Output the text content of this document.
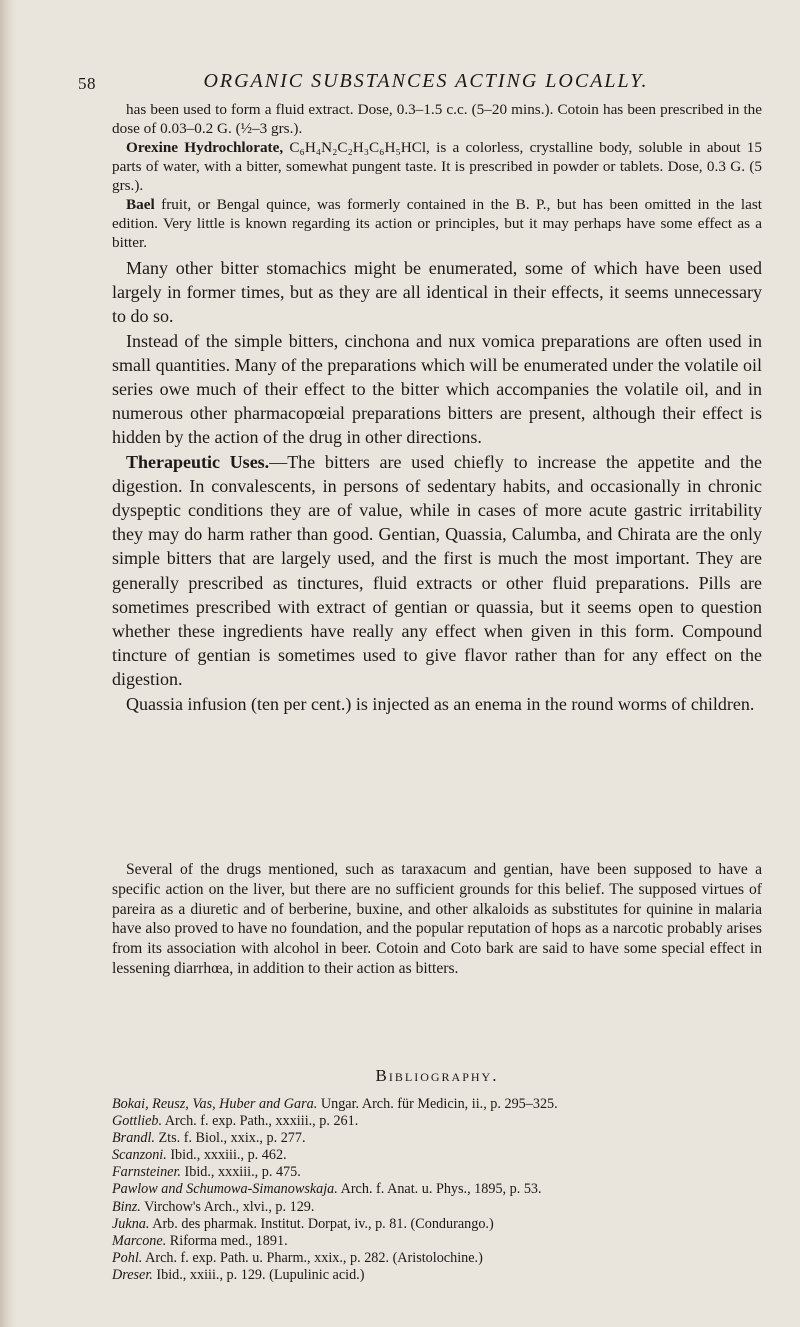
58	ORGANIC SUBSTANCES ACTING LOCALLY.

has been used to form a fluid extract. Dose, 0.3–1.5 c.c. (5–20 mins.). Cotoin has been prescribed in the dose of 0.03–0.2 G. (½–3 grs.).

Orexine Hydrochlorate, C₆H₄N₂C₂H₃C₆H₅HCl, is a colorless, crystalline body, soluble in about 15 parts of water, with a bitter, somewhat pungent taste. It is prescribed in powder or tablets. Dose, 0.3 G. (5 grs.).

Bael fruit, or Bengal quince, was formerly contained in the B. P., but has been omitted in the last edition. Very little is known regarding its action or principles, but it may perhaps have some effect as a bitter.

Many other bitter stomachics might be enumerated, some of which have been used largely in former times, but as they are all identical in their effects, it seems unnecessary to do so.

Instead of the simple bitters, cinchona and nux vomica preparations are often used in small quantities. Many of the preparations which will be enumerated under the volatile oil series owe much of their effect to the bitter which accompanies the volatile oil, and in numerous other pharmacopœial preparations bitters are present, although their effect is hidden by the action of the drug in other directions.

Therapeutic Uses.—The bitters are used chiefly to increase the appetite and the digestion. In convalescents, in persons of sedentary habits, and occasionally in chronic dyspeptic conditions they are of value, while in cases of more acute gastric irritability they may do harm rather than good. Gentian, Quassia, Calumba, and Chirata are the only simple bitters that are largely used, and the first is much the most important. They are generally prescribed as tinctures, fluid extracts or other fluid preparations. Pills are sometimes prescribed with extract of gentian or quassia, but it seems open to question whether these ingredients have really any effect when given in this form. Compound tincture of gentian is sometimes used to give flavor rather than for any effect on the digestion.

Quassia infusion (ten per cent.) is injected as an enema in the round worms of children.

Several of the drugs mentioned, such as taraxacum and gentian, have been supposed to have a specific action on the liver, but there are no sufficient grounds for this belief. The supposed virtues of pareira as a diuretic and of berberine, buxine, and other alkaloids as substitutes for quinine in malaria have also proved to have no foundation, and the popular reputation of hops as a narcotic probably arises from its association with alcohol in beer. Cotoin and Coto bark are said to have some special effect in lessening diarrhœa, in addition to their action as bitters.

Bibliography.
Bokai, Reusz, Vas, Huber and Gara. Ungar. Arch. für Medicin, ii., p. 295–325.
Gottlieb. Arch. f. exp. Path., xxxiii., p. 261.
Brandl. Zts. f. Biol., xxix., p. 277.
Scanzoni. Ibid., xxxiii., p. 462.
Farnsteiner. Ibid., xxxiii., p. 475.
Pawlow and Schumowa-Simanowskaja. Arch. f. Anat. u. Phys., 1895, p. 53.
Binz. Virchow's Arch., xlvi., p. 129.
Jukna. Arb. des pharmak. Institut. Dorpat, iv., p. 81. (Condurango.)
Marcone. Riforma med., 1891.
Pohl. Arch. f. exp. Path. u. Pharm., xxix., p. 282. (Aristolochine.)
Dreser. Ibid., xxiii., p. 129. (Lupulinic acid.)
